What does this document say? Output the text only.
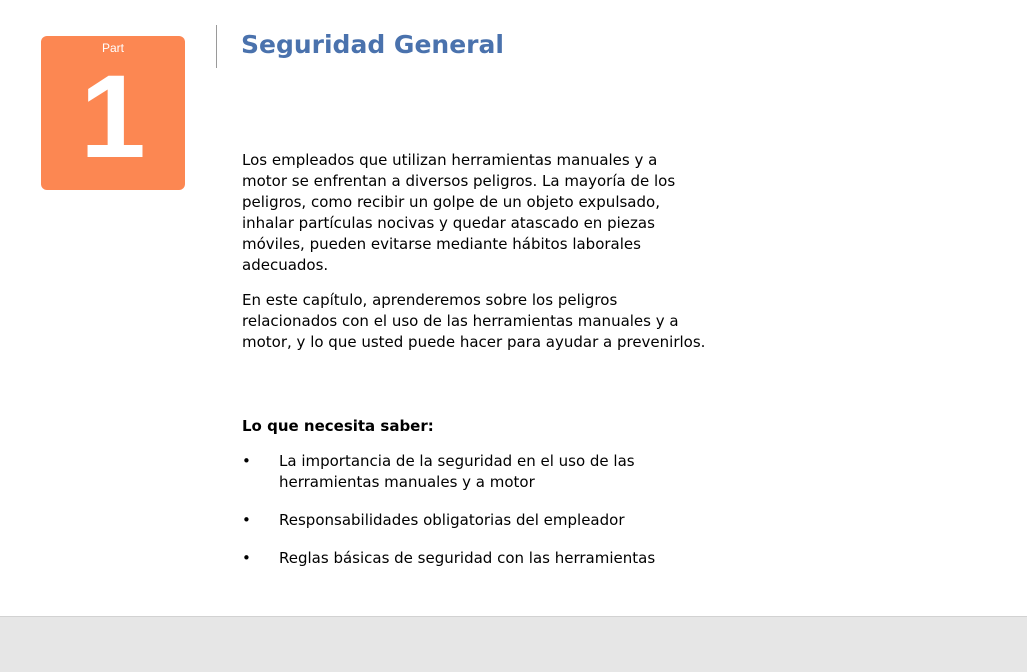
Part
1
Seguridad General

Los empleados que utilizan herramientas manuales y a motor se enfrentan a diversos peligros. La mayoría de los peligros, como recibir un golpe de un objeto expulsado, inhalar partículas nocivas y quedar atascado en piezas móviles, pueden evitarse mediante hábitos laborales adecuados.

En este capítulo, aprenderemos sobre los peligros relacionados con el uso de las herramientas manuales y a motor, y lo que usted puede hacer para ayudar a prevenirlos.

Lo que necesita saber:
• La importancia de la seguridad en el uso de las herramientas manuales y a motor
• Responsabilidades obligatorias del empleador
• Reglas básicas de seguridad con las herramientas
